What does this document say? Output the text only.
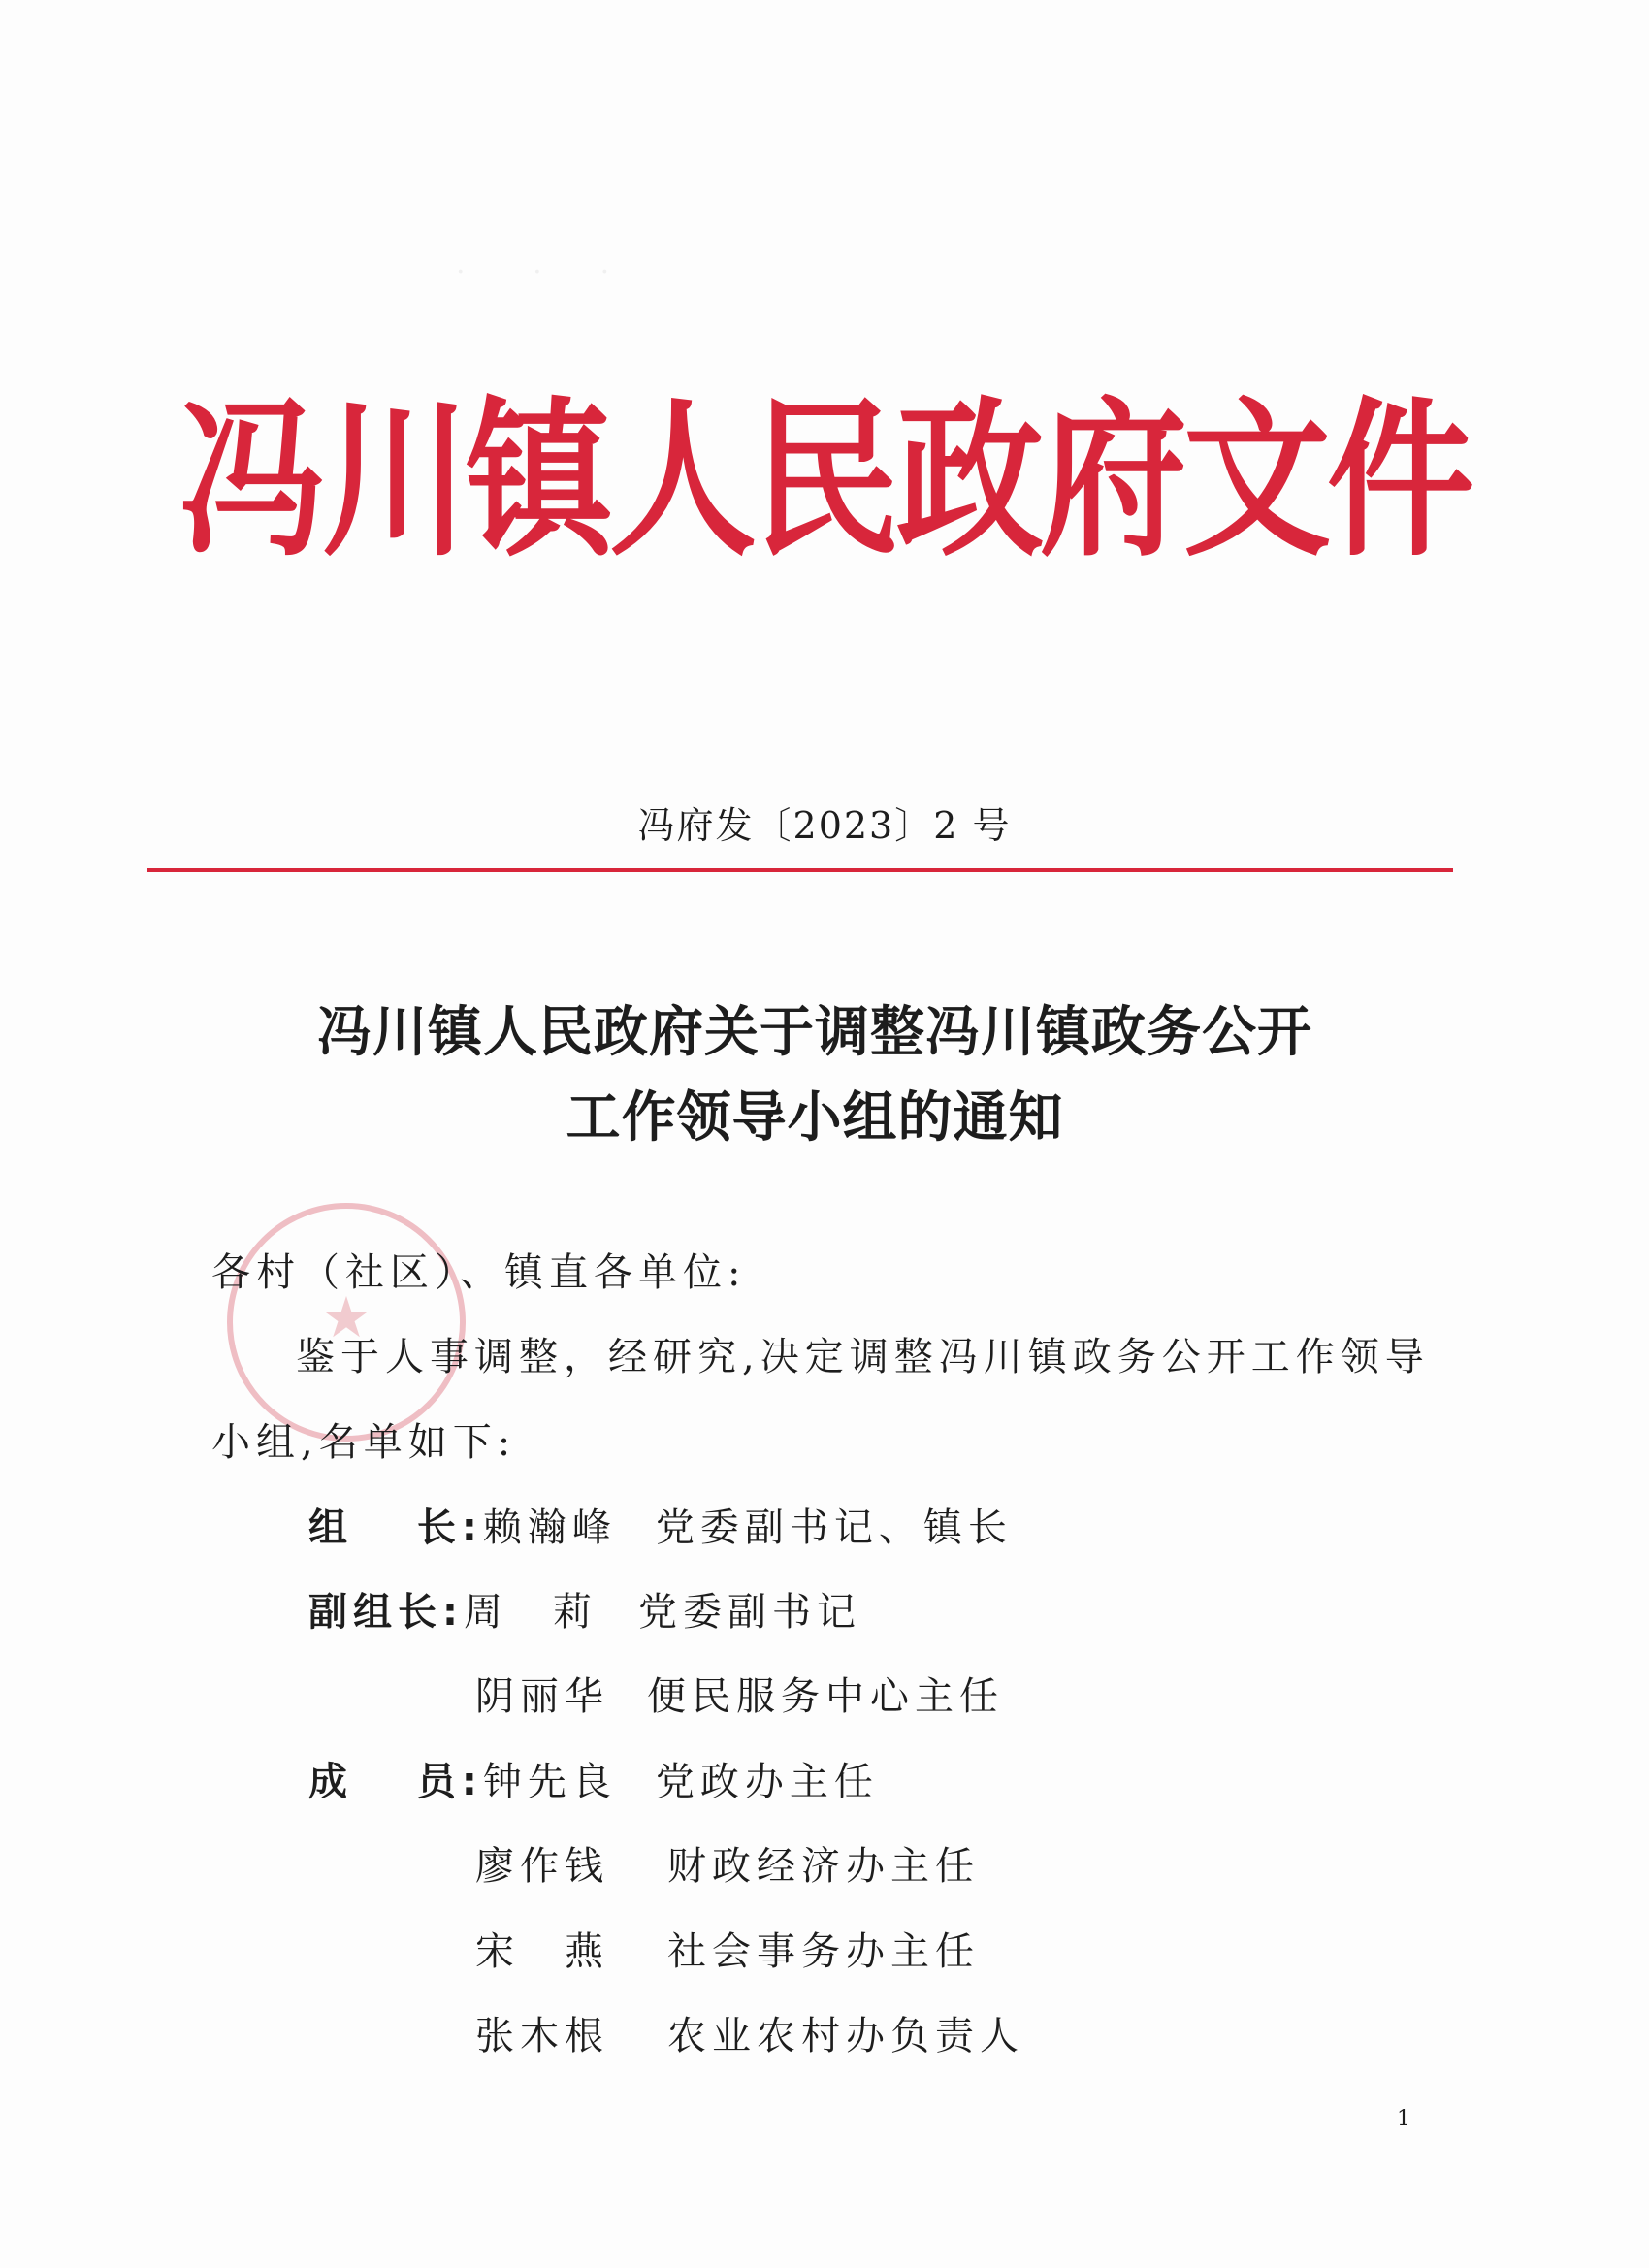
·　　 ·　　·
★
冯川镇人民政府文件
冯府发〔2023〕2 号
冯川镇人民政府关于调整冯川镇政务公开
工作领导小组的通知
各村（社区）、镇直各单位:
鉴于人事调整，经研究,决定调整冯川镇政务公开工作领导
小组,名单如下:
组　 长:赖瀚峰 党委副书记、镇长
副组长:周　莉 党委副书记
阴丽华 便民服务中心主任
成　 员:钟先良 党政办主任
廖作钱 财政经济办主任
宋　燕 社会事务办主任
张木根 农业农村办负责人
1
